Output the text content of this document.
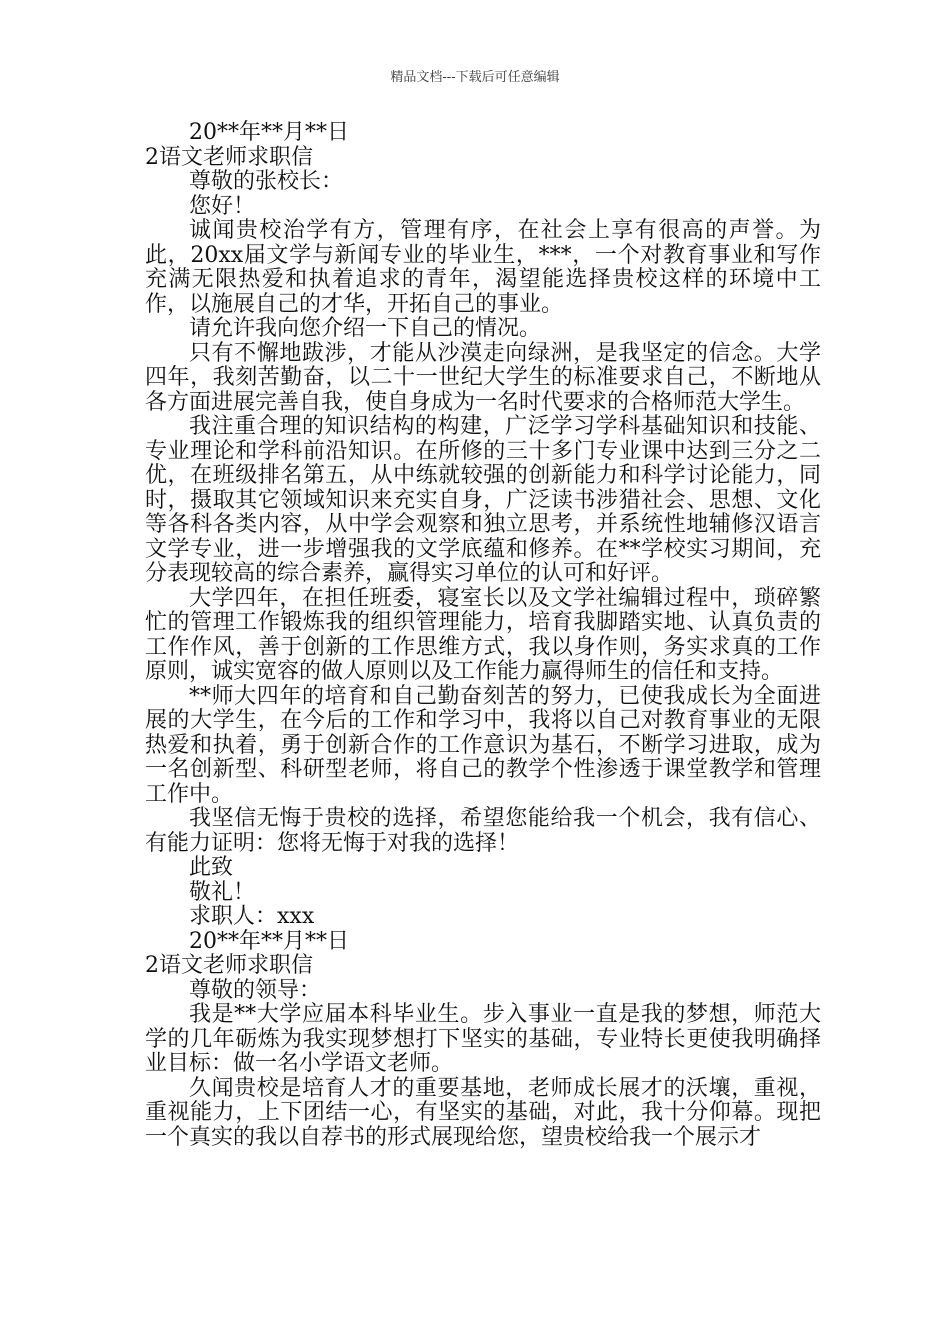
精品文档---下载后可任意编辑

20**年**月**日

2语文老师求职信

尊敬的张校长：

您好！

诚闻贵校治学有方，管理有序，在社会上享有很高的声誉。为此，20xx届文学与新闻专业的毕业生，***，一个对教育事业和写作充满无限热爱和执着追求的青年，渴望能选择贵校这样的环境中工作，以施展自己的才华，开拓自己的事业。

请允许我向您介绍一下自己的情况。

只有不懈地跋涉，才能从沙漠走向绿洲，是我坚定的信念。大学四年，我刻苦勤奋，以二十一世纪大学生的标准要求自己，不断地从各方面进展完善自我，使自身成为一名时代要求的合格师范大学生。

我注重合理的知识结构的构建，广泛学习学科基础知识和技能、专业理论和学科前沿知识。在所修的三十多门专业课中达到三分之二优，在班级排名第五，从中练就较强的创新能力和科学讨论能力，同时，摄取其它领域知识来充实自身，广泛读书涉猎社会、思想、文化等各科各类内容，从中学会观察和独立思考，并系统性地辅修汉语言文学专业，进一步增强我的文学底蕴和修养。在**学校实习期间，充分表现较高的综合素养，赢得实习单位的认可和好评。

大学四年，在担任班委，寝室长以及文学社编辑过程中，琐碎繁忙的管理工作锻炼我的组织管理能力，培育我脚踏实地、认真负责的工作作风，善于创新的工作思维方式，我以身作则，务实求真的工作原则，诚实宽容的做人原则以及工作能力赢得师生的信任和支持。

**师大四年的培育和自己勤奋刻苦的努力，已使我成长为全面进展的大学生，在今后的工作和学习中，我将以自己对教育事业的无限热爱和执着，勇于创新合作的工作意识为基石，不断学习进取，成为一名创新型、科研型老师，将自己的教学个性渗透于课堂教学和管理工作中。

我坚信无悔于贵校的选择，希望您能给我一个机会，我有信心、有能力证明：您将无悔于对我的选择！

此致

敬礼！

求职人：xxx

20**年**月**日

2语文老师求职信

尊敬的领导：

我是**大学应届本科毕业生。步入事业一直是我的梦想，师范大学的几年砺炼为我实现梦想打下坚实的基础，专业特长更使我明确择业目标：做一名小学语文老师。

久闻贵校是培育人才的重要基地，老师成长展才的沃壤，重视，重视能力，上下团结一心，有坚实的基础，对此，我十分仰幕。现把一个真实的我以自荐书的形式展现给您，望贵校给我一个展示才
